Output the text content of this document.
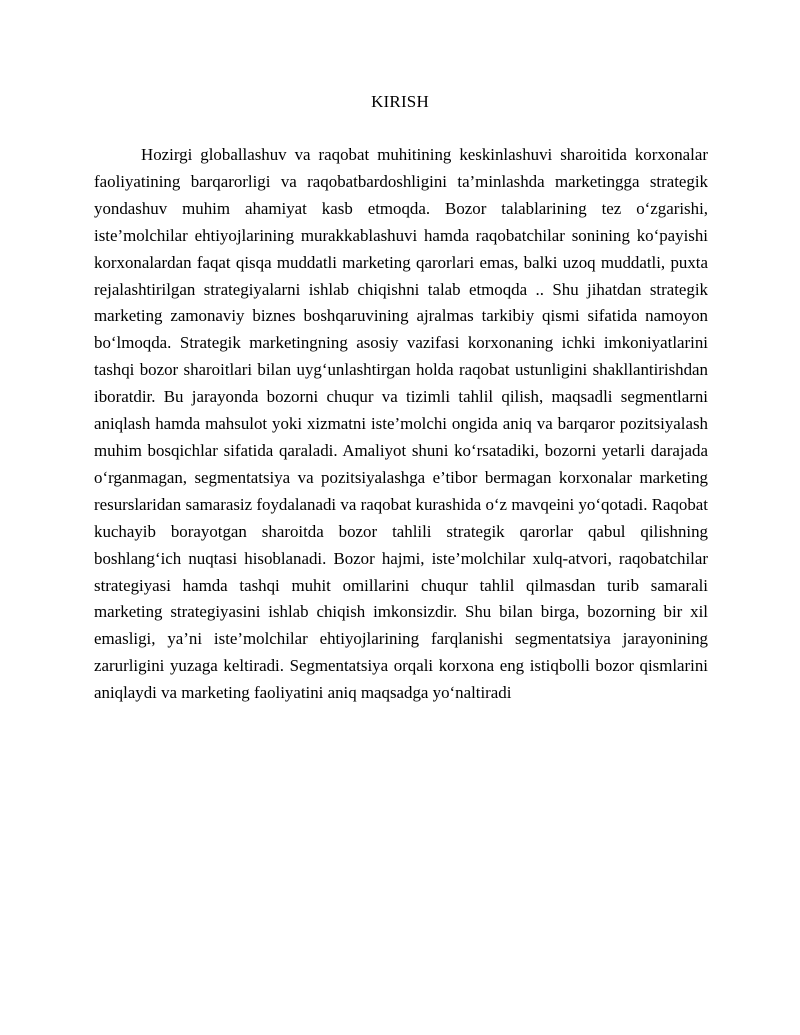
KIRISH

Hozirgi globallashuv va raqobat muhitining keskinlashuvi sharoitida korxonalar faoliyatining barqarorligi va raqobatbardoshligini ta’minlashda marketingga strategik yondashuv muhim ahamiyat kasb etmoqda. Bozor talablarining tez o‘zgarishi, iste’molchilar ehtiyojlarining murakkablashuvi hamda raqobatchilar sonining ko‘payishi korxonalardan faqat qisqa muddatli marketing qarorlari emas, balki uzoq muddatli, puxta rejalashtirilgan strategiyalarni ishlab chiqishni talab etmoqda .. Shu jihatdan strategik marketing zamonaviy biznes boshqaruvining ajralmas tarkibiy qismi sifatida namoyon bo‘lmoqda. Strategik marketingning asosiy vazifasi korxonaning ichki imkoniyatlarini tashqi bozor sharoitlari bilan uyg‘unlashtirgan holda raqobat ustunligini shakllantirishdan iboratdir. Bu jarayonda bozorni chuqur va tizimli tahlil qilish, maqsadli segmentlarni aniqlash hamda mahsulot yoki xizmatni iste’molchi ongida aniq va barqaror pozitsiyalash muhim bosqichlar sifatida qaraladi. Amaliyot shuni ko‘rsatadiki, bozorni yetarli darajada o‘rganmagan, segmentatsiya va pozitsiyalashga e’tibor bermagan korxonalar marketing resurslaridan samarasiz foydalanadi va raqobat kurashida o‘z mavqeini yo‘qotadi. Raqobat kuchayib borayotgan sharoitda bozor tahlili strategik qarorlar qabul qilishning boshlang‘ich nuqtasi hisoblanadi. Bozor hajmi, iste’molchilar xulq-atvori, raqobatchilar strategiyasi hamda tashqi muhit omillarini chuqur tahlil qilmasdan turib samarali marketing strategiyasini ishlab chiqish imkonsizdir. Shu bilan birga, bozorning bir xil emasligi, ya’ni iste’molchilar ehtiyojlarining farqlanishi segmentatsiya jarayonining zarurligini yuzaga keltiradi. Segmentatsiya orqali korxona eng istiqbolli bozor qismlarini aniqlaydi va marketing faoliyatini aniq maqsadga yo‘naltiradi
